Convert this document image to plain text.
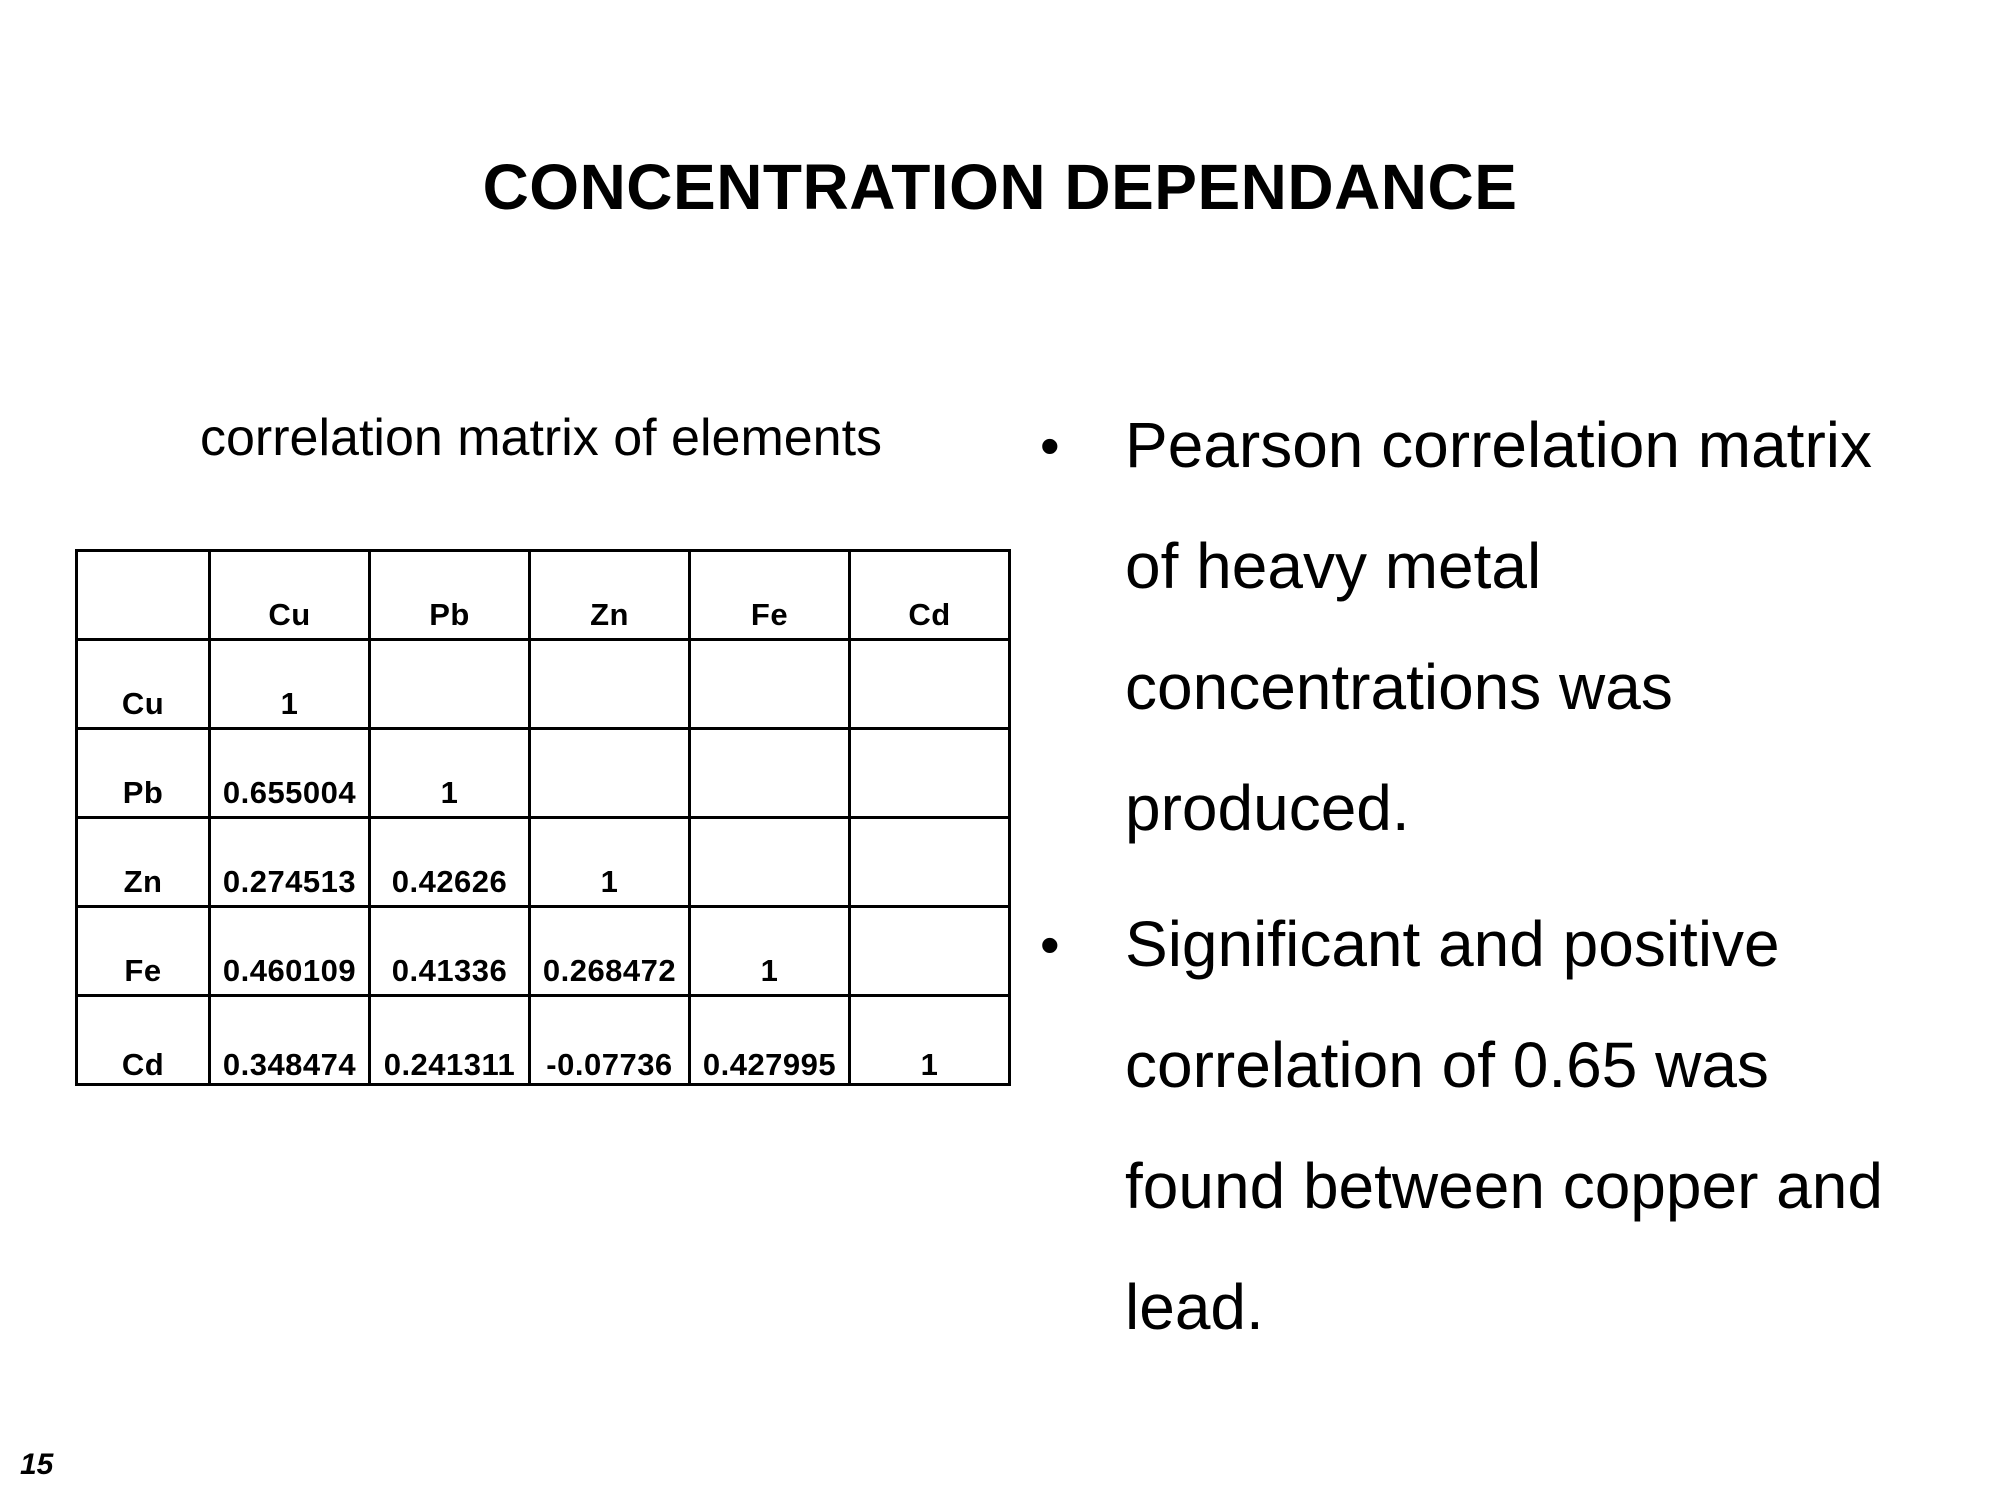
CONCENTRATION DEPENDANCE
correlation matrix of elements
	Cu	Pb	Zn	Fe	Cd
Cu	1				
Pb	0.655004	1			
Zn	0.274513	0.42626	1		
Fe	0.460109	0.41336	0.268472	1	
Cd	0.348474	0.241311	-0.07736	0.427995	1
• Pearson correlation matrix of heavy metal concentrations was produced.
• Significant and positive correlation of 0.65 was found between copper and lead.
15
